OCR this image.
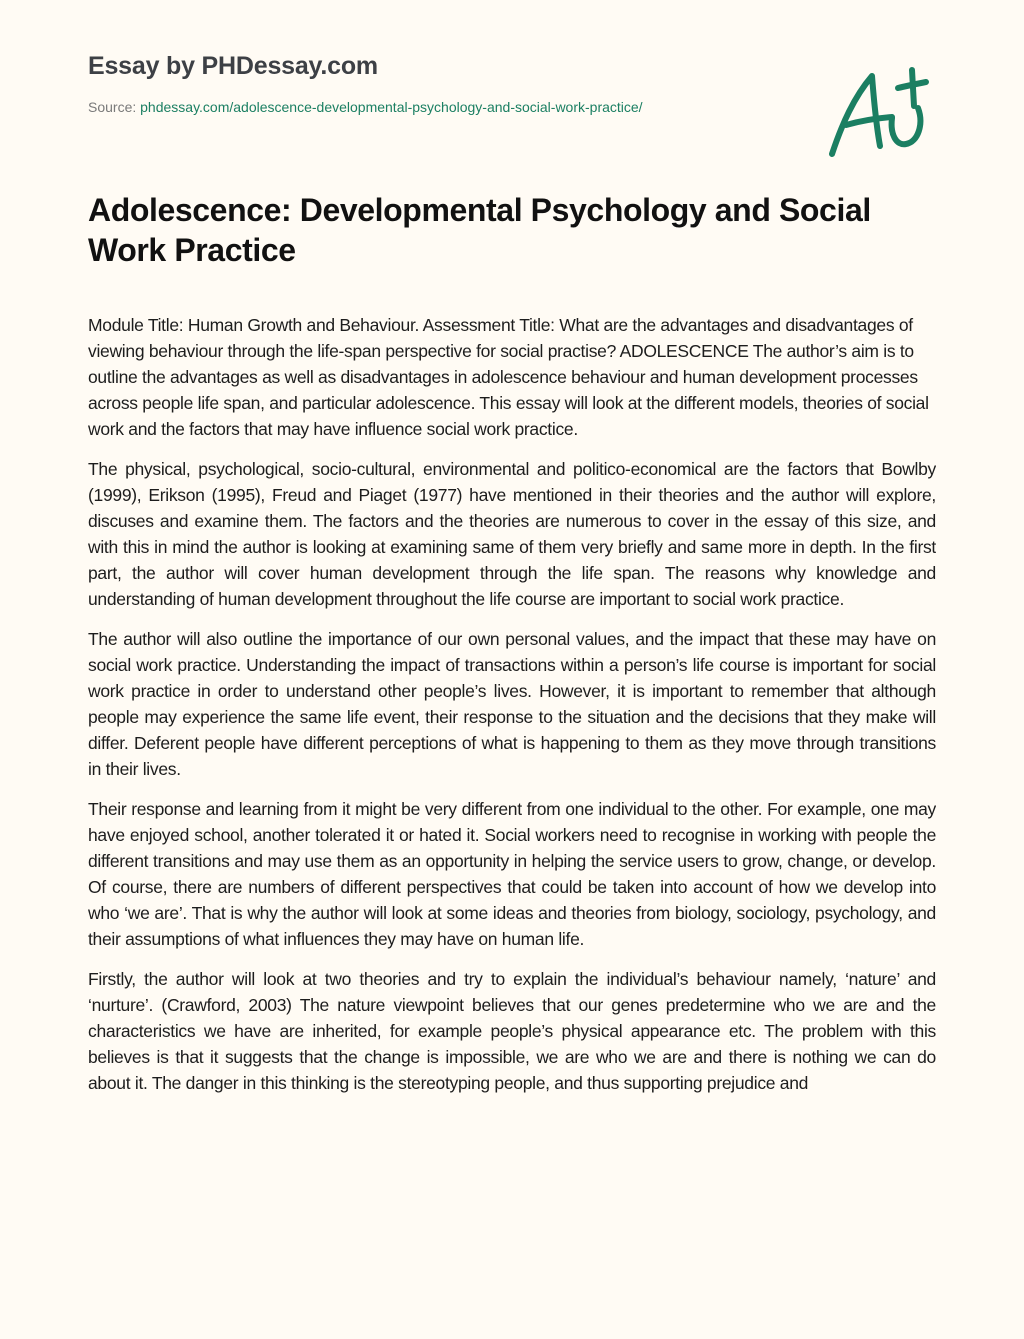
Essay by PHDessay.com
Source: phdessay.com/adolescence-developmental-psychology-and-social-work-practice/
Adolescence: Developmental Psychology and Social Work Practice

Module Title: Human Growth and Behaviour. Assessment Title: What are the advantages and disadvantages of viewing behaviour through the life-span perspective for social practise? ADOLESCENCE The author’s aim is to outline the advantages as well as disadvantages in adolescence behaviour and human development processes across people life span, and particular adolescence. This essay will look at the different models, theories of social work and the factors that may have influence social work practice.

The physical, psychological, socio-cultural, environmental and politico-economical are the factors that Bowlby (1999), Erikson (1995), Freud and Piaget (1977) have mentioned in their theories and the author will explore, discuses and examine them. The factors and the theories are numerous to cover in the essay of this size, and with this in mind the author is looking at examining same of them very briefly and same more in depth. In the first part, the author will cover human development through the life span. The reasons why knowledge and understanding of human development throughout the life course are important to social work practice.

The author will also outline the importance of our own personal values, and the impact that these may have on social work practice. Understanding the impact of transactions within a person’s life course is important for social work practice in order to understand other people’s lives. However, it is important to remember that although people may experience the same life event, their response to the situation and the decisions that they make will differ. Deferent people have different perceptions of what is happening to them as they move through transitions in their lives.

Their response and learning from it might be very different from one individual to the other. For example, one may have enjoyed school, another tolerated it or hated it. Social workers need to recognise in working with people the different transitions and may use them as an opportunity in helping the service users to grow, change, or develop. Of course, there are numbers of different perspectives that could be taken into account of how we develop into who ‘we are’. That is why the author will look at some ideas and theories from biology, sociology, psychology, and their assumptions of what influences they may have on human life.

Firstly, the author will look at two theories and try to explain the individual’s behaviour namely, ‘nature’ and ‘nurture’. (Crawford, 2003) The nature viewpoint believes that our genes predetermine who we are and the characteristics we have are inherited, for example people’s physical appearance etc. The problem with this believes is that it suggests that the change is impossible, we are who we are and there is nothing we can do about it. The danger in this thinking is the stereotyping people, and thus supporting prejudice and
